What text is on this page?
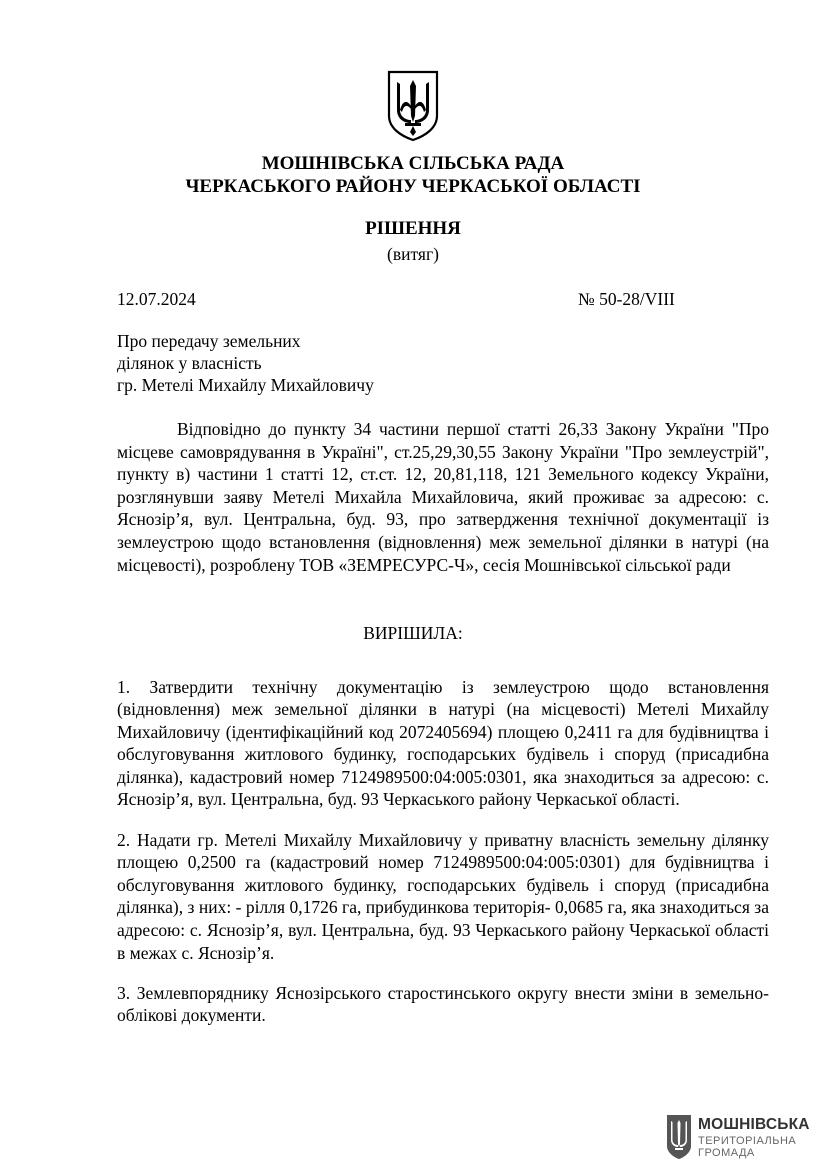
МОШНІВСЬКА СІЛЬСЬКА РАДА
ЧЕРКАСЬКОГО РАЙОНУ ЧЕРКАСЬКОЇ ОБЛАСТІ
РІШЕННЯ
(витяг)
12.07.2024	№ 50-28/VIII
Про передачу земельних
ділянок у власність
гр. Метелі Михайлу Михайловичу

Відповідно до пункту 34 частини першої статті 26,33 Закону України "Про місцеве самоврядування в Україні", ст.25,29,30,55 Закону України "Про землеустрій", пункту в) частини 1 статті 12, ст.ст. 12, 20,81,118, 121 Земельного кодексу України, розглянувши заяву Метелі Михайла Михайловича, який проживає за адресою: с. Яснозір’я, вул. Центральна, буд. 93, про затвердження технічної документації із землеустрою щодо встановлення (відновлення) меж земельної ділянки в натурі (на місцевості), розроблену ТОВ «ЗЕМРЕСУРС-Ч», сесія Мошнівської сільської ради

ВИРІШИЛА:

1. Затвердити технічну документацію із землеустрою щодо встановлення (відновлення) меж земельної ділянки в натурі (на місцевості) Метелі Михайлу Михайловичу (ідентифікаційний код 2072405694) площею 0,2411 га для будівництва і обслуговування житлового будинку, господарських будівель і споруд (присадибна ділянка), кадастровий номер 7124989500:04:005:0301, яка знаходиться за адресою: с. Яснозір’я, вул. Центральна, буд. 93 Черкаського району Черкаської області.

2. Надати гр. Метелі Михайлу Михайловичу у приватну власність земельну ділянку площею 0,2500 га (кадастровий номер 7124989500:04:005:0301) для будівництва і обслуговування житлового будинку, господарських будівель і споруд (присадибна ділянка), з них: - рілля 0,1726 га, прибудинкова територія- 0,0685 га, яка знаходиться за адресою: с. Яснозір’я, вул. Центральна, буд. 93 Черкаського району Черкаської області в межах с. Яснозір’я.

3. Землевпоряднику Яснозірського старостинського округу внести зміни в земельно-облікові документи.

МОШНІВСЬКА
ТЕРИТОРІАЛЬНА
ГРОМАДА
